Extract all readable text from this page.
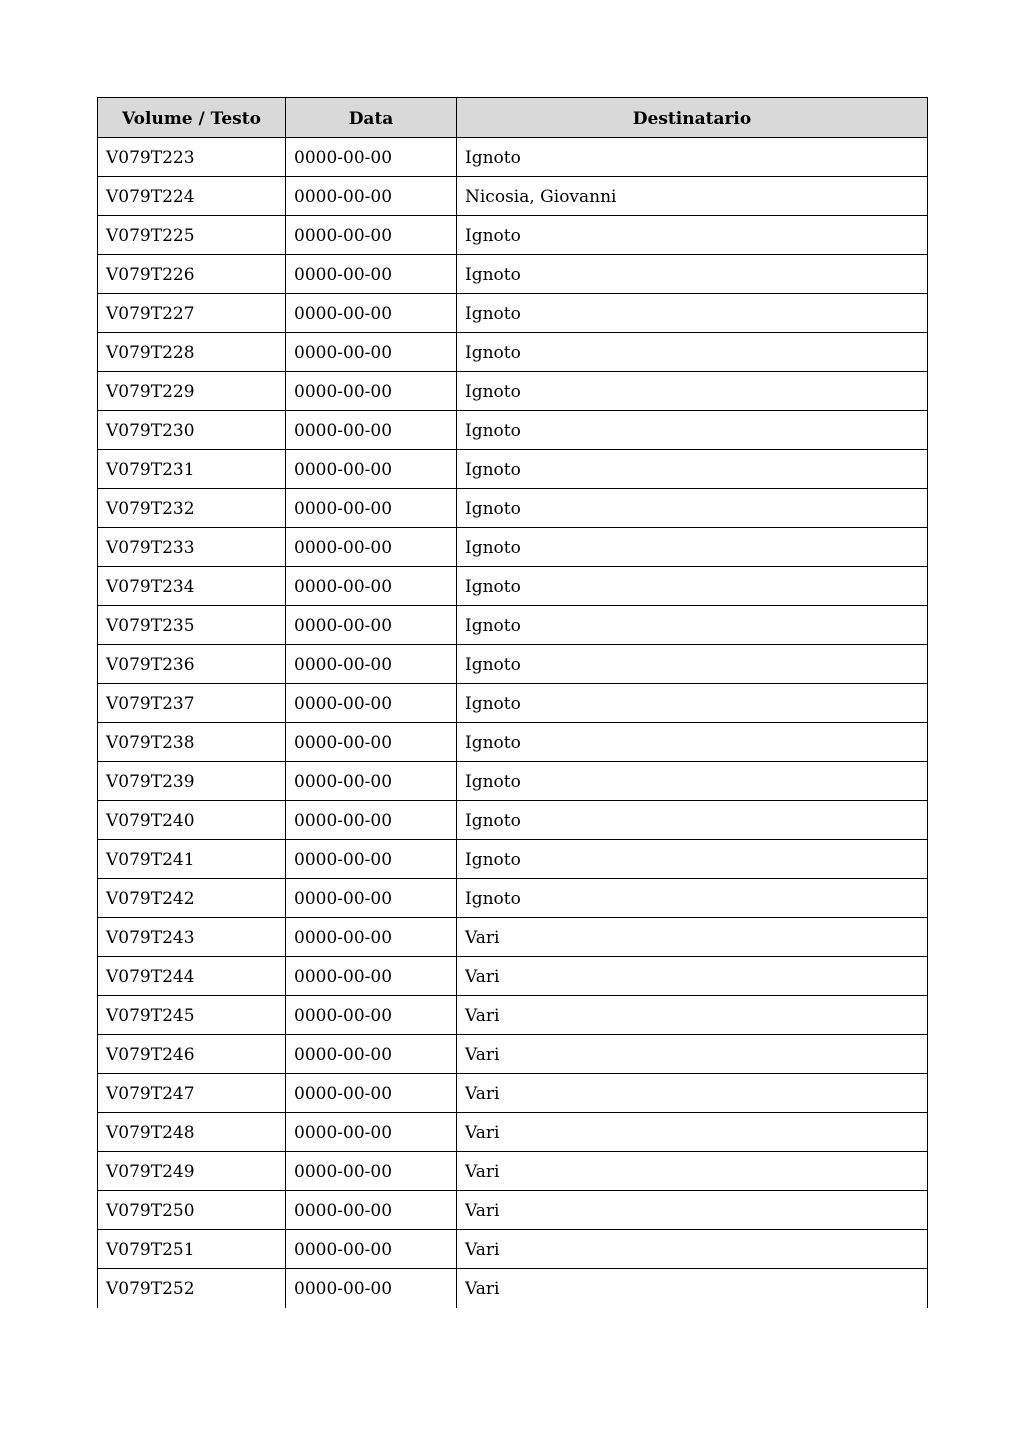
Volume / Testo	Data	Destinatario
V079T223	0000-00-00	Ignoto
V079T224	0000-00-00	Nicosia, Giovanni
V079T225	0000-00-00	Ignoto
V079T226	0000-00-00	Ignoto
V079T227	0000-00-00	Ignoto
V079T228	0000-00-00	Ignoto
V079T229	0000-00-00	Ignoto
V079T230	0000-00-00	Ignoto
V079T231	0000-00-00	Ignoto
V079T232	0000-00-00	Ignoto
V079T233	0000-00-00	Ignoto
V079T234	0000-00-00	Ignoto
V079T235	0000-00-00	Ignoto
V079T236	0000-00-00	Ignoto
V079T237	0000-00-00	Ignoto
V079T238	0000-00-00	Ignoto
V079T239	0000-00-00	Ignoto
V079T240	0000-00-00	Ignoto
V079T241	0000-00-00	Ignoto
V079T242	0000-00-00	Ignoto
V079T243	0000-00-00	Vari
V079T244	0000-00-00	Vari
V079T245	0000-00-00	Vari
V079T246	0000-00-00	Vari
V079T247	0000-00-00	Vari
V079T248	0000-00-00	Vari
V079T249	0000-00-00	Vari
V079T250	0000-00-00	Vari
V079T251	0000-00-00	Vari
V079T252	0000-00-00	Vari
